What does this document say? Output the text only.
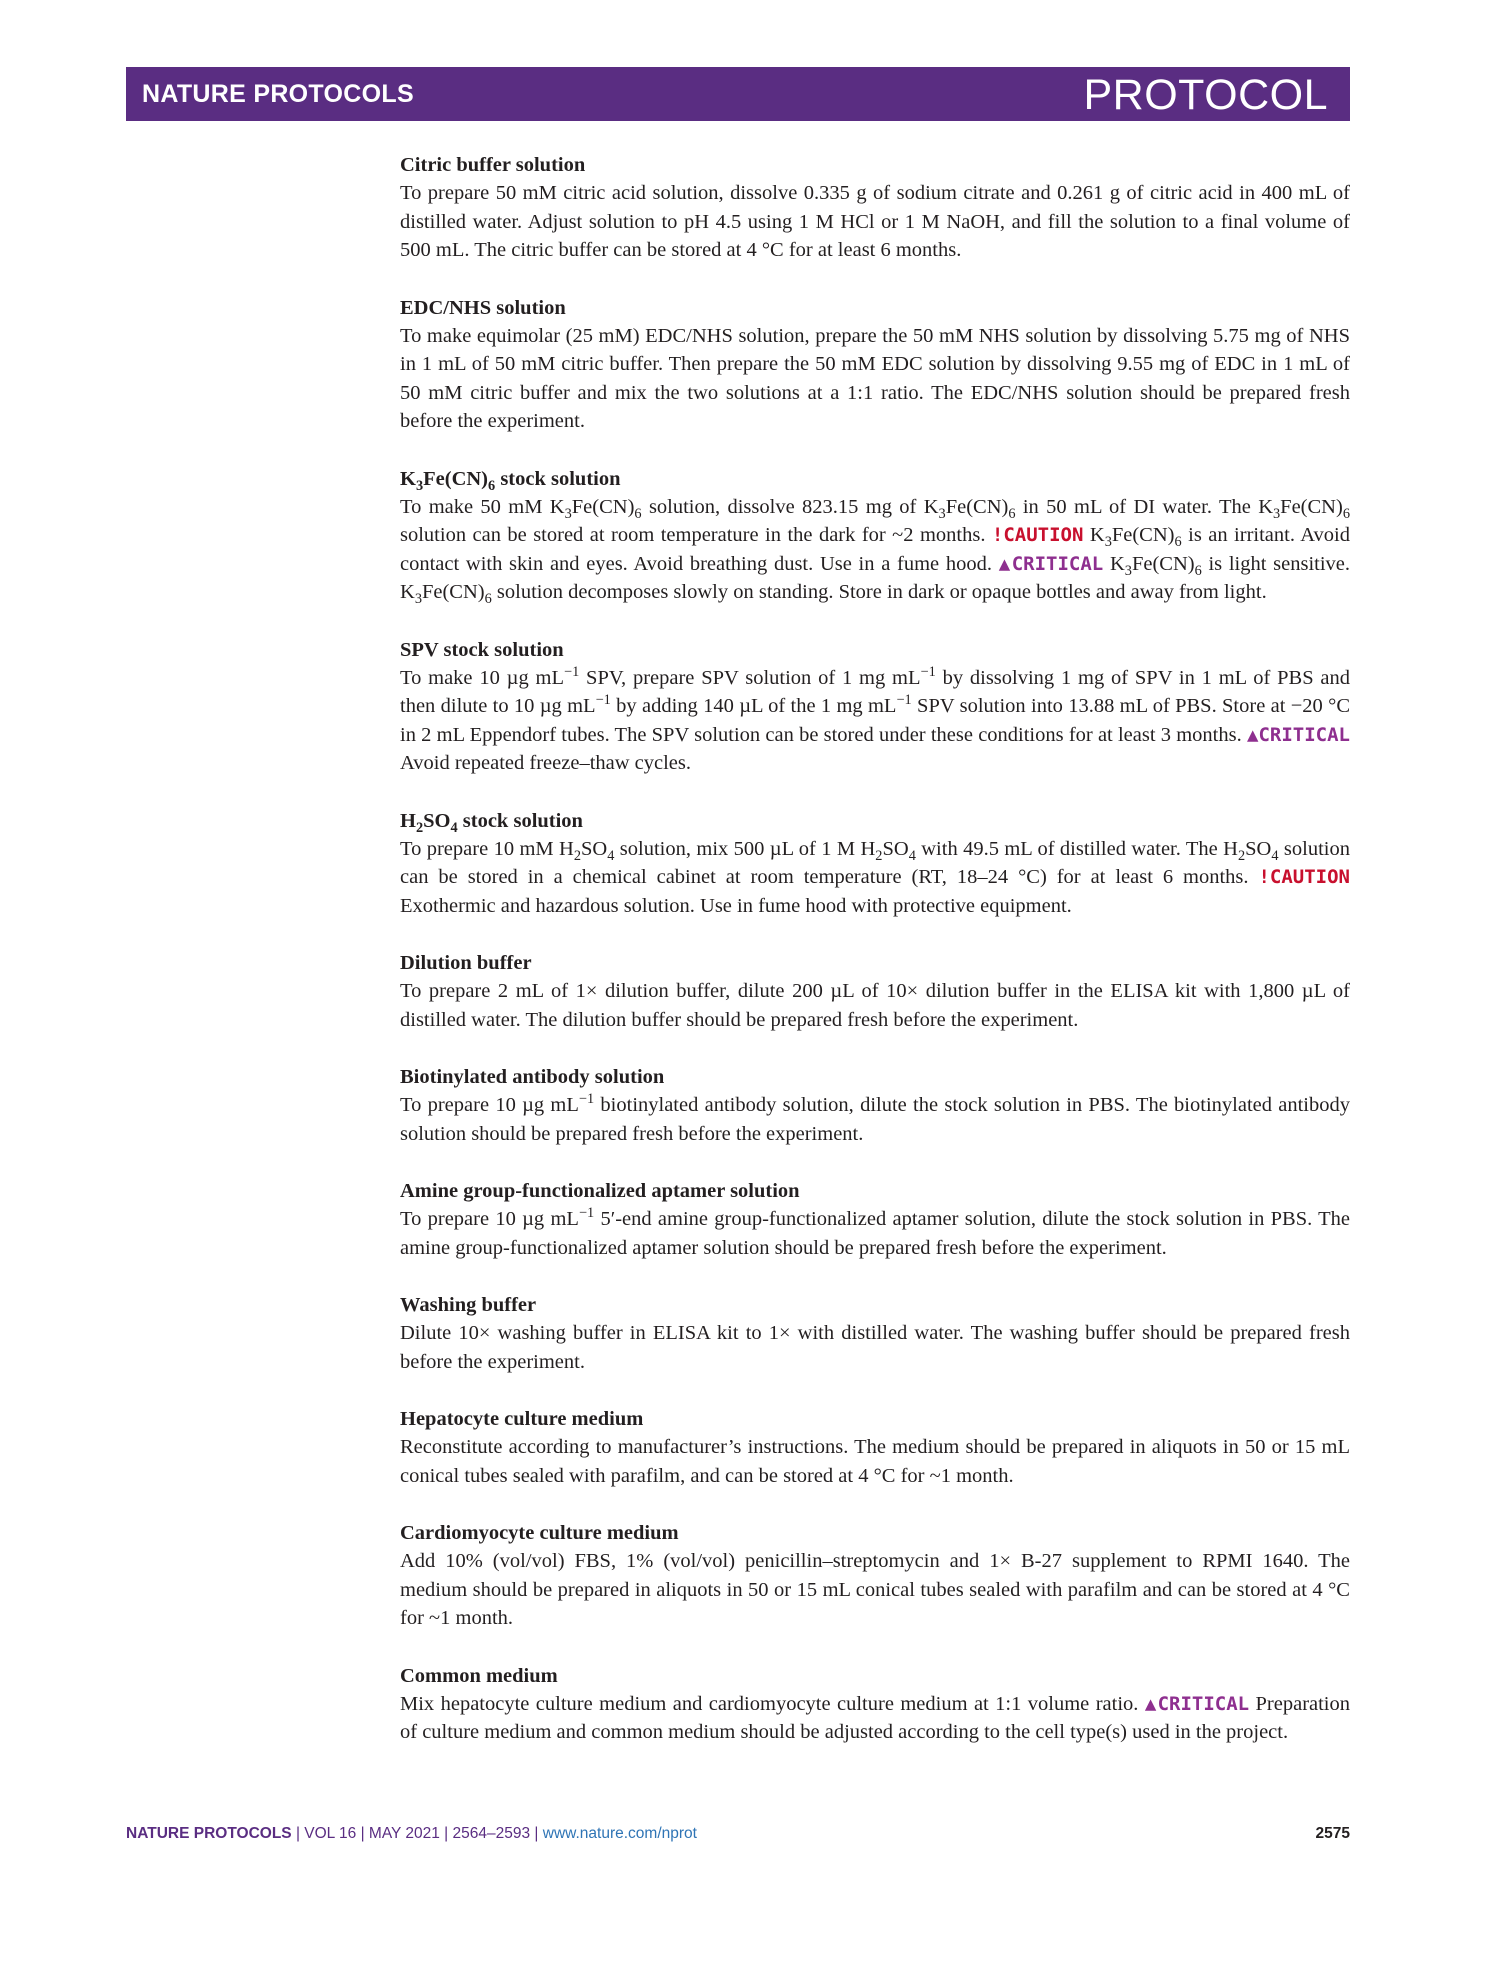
NATURE PROTOCOLS	PROTOCOL
Citric buffer solution

To prepare 50 mM citric acid solution, dissolve 0.335 g of sodium citrate and 0.261 g of citric acid in 400 mL of distilled water. Adjust solution to pH 4.5 using 1 M HCl or 1 M NaOH, and fill the solution to a final volume of 500 mL. The citric buffer can be stored at 4 °C for at least 6 months.

EDC/NHS solution

To make equimolar (25 mM) EDC/NHS solution, prepare the 50 mM NHS solution by dissolving 5.75 mg of NHS in 1 mL of 50 mM citric buffer. Then prepare the 50 mM EDC solution by dissolving 9.55 mg of EDC in 1 mL of 50 mM citric buffer and mix the two solutions at a 1:1 ratio. The EDC/NHS solution should be prepared fresh before the experiment.

$K_3Fe(CN)_6$ stock solution

To make 50 mM $K_3Fe(CN)_6$ solution, dissolve 823.15 mg of $K_3Fe(CN)_6$ in 50 mL of DI water. The $K_3Fe(CN)_6$ solution can be stored at room temperature in the dark for ~2 months. !CAUTION $K_3Fe(CN)_6$ is an irritant. Avoid contact with skin and eyes. Avoid breathing dust. Use in a fume hood. ▲CRITICAL $K_3Fe(CN)_6$ is light sensitive. $K_3Fe(CN)_6$ solution decomposes slowly on standing. Store in dark or opaque bottles and away from light.

SPV stock solution

To make 10 µg $mL^{-1}$ SPV, prepare SPV solution of 1 mg $mL^{-1}$ by dissolving 1 mg of SPV in 1 mL of PBS and then dilute to 10 µg $mL^{-1}$ by adding 140 µL of the 1 mg $mL^{-1}$ SPV solution into 13.88 mL of PBS. Store at −20 °C in 2 mL Eppendorf tubes. The SPV solution can be stored under these conditions for at least 3 months. ▲CRITICAL Avoid repeated freeze–thaw cycles.

$H_2SO_4$ stock solution

To prepare 10 mM $H_2SO_4$ solution, mix 500 µL of 1 M $H_2SO_4$ with 49.5 mL of distilled water. The $H_2SO_4$ solution can be stored in a chemical cabinet at room temperature (RT, 18–24 °C) for at least 6 months. !CAUTION Exothermic and hazardous solution. Use in fume hood with protective equipment.

Dilution buffer

To prepare 2 mL of 1× dilution buffer, dilute 200 µL of 10× dilution buffer in the ELISA kit with 1,800 µL of distilled water. The dilution buffer should be prepared fresh before the experiment.

Biotinylated antibody solution

To prepare 10 µg $mL^{-1}$ biotinylated antibody solution, dilute the stock solution in PBS. The biotinylated antibody solution should be prepared fresh before the experiment.

Amine group-functionalized aptamer solution

To prepare 10 µg $mL^{-1}$ 5′-end amine group-functionalized aptamer solution, dilute the stock solution in PBS. The amine group-functionalized aptamer solution should be prepared fresh before the experiment.

Washing buffer

Dilute 10× washing buffer in ELISA kit to 1× with distilled water. The washing buffer should be prepared fresh before the experiment.

Hepatocyte culture medium

Reconstitute according to manufacturer’s instructions. The medium should be prepared in aliquots in 50 or 15 mL conical tubes sealed with parafilm, and can be stored at 4 °C for ~1 month.

Cardiomyocyte culture medium

Add 10% (vol/vol) FBS, 1% (vol/vol) penicillin–streptomycin and 1× B-27 supplement to RPMI 1640. The medium should be prepared in aliquots in 50 or 15 mL conical tubes sealed with parafilm and can be stored at 4 °C for ~1 month.

Common medium

Mix hepatocyte culture medium and cardiomyocyte culture medium at 1:1 volume ratio. ▲CRITICAL Preparation of culture medium and common medium should be adjusted according to the cell type(s) used in the project.

NATURE PROTOCOLS | VOL 16 | MAY 2021 | 2564–2593 | www.nature.com/nprot	2575
